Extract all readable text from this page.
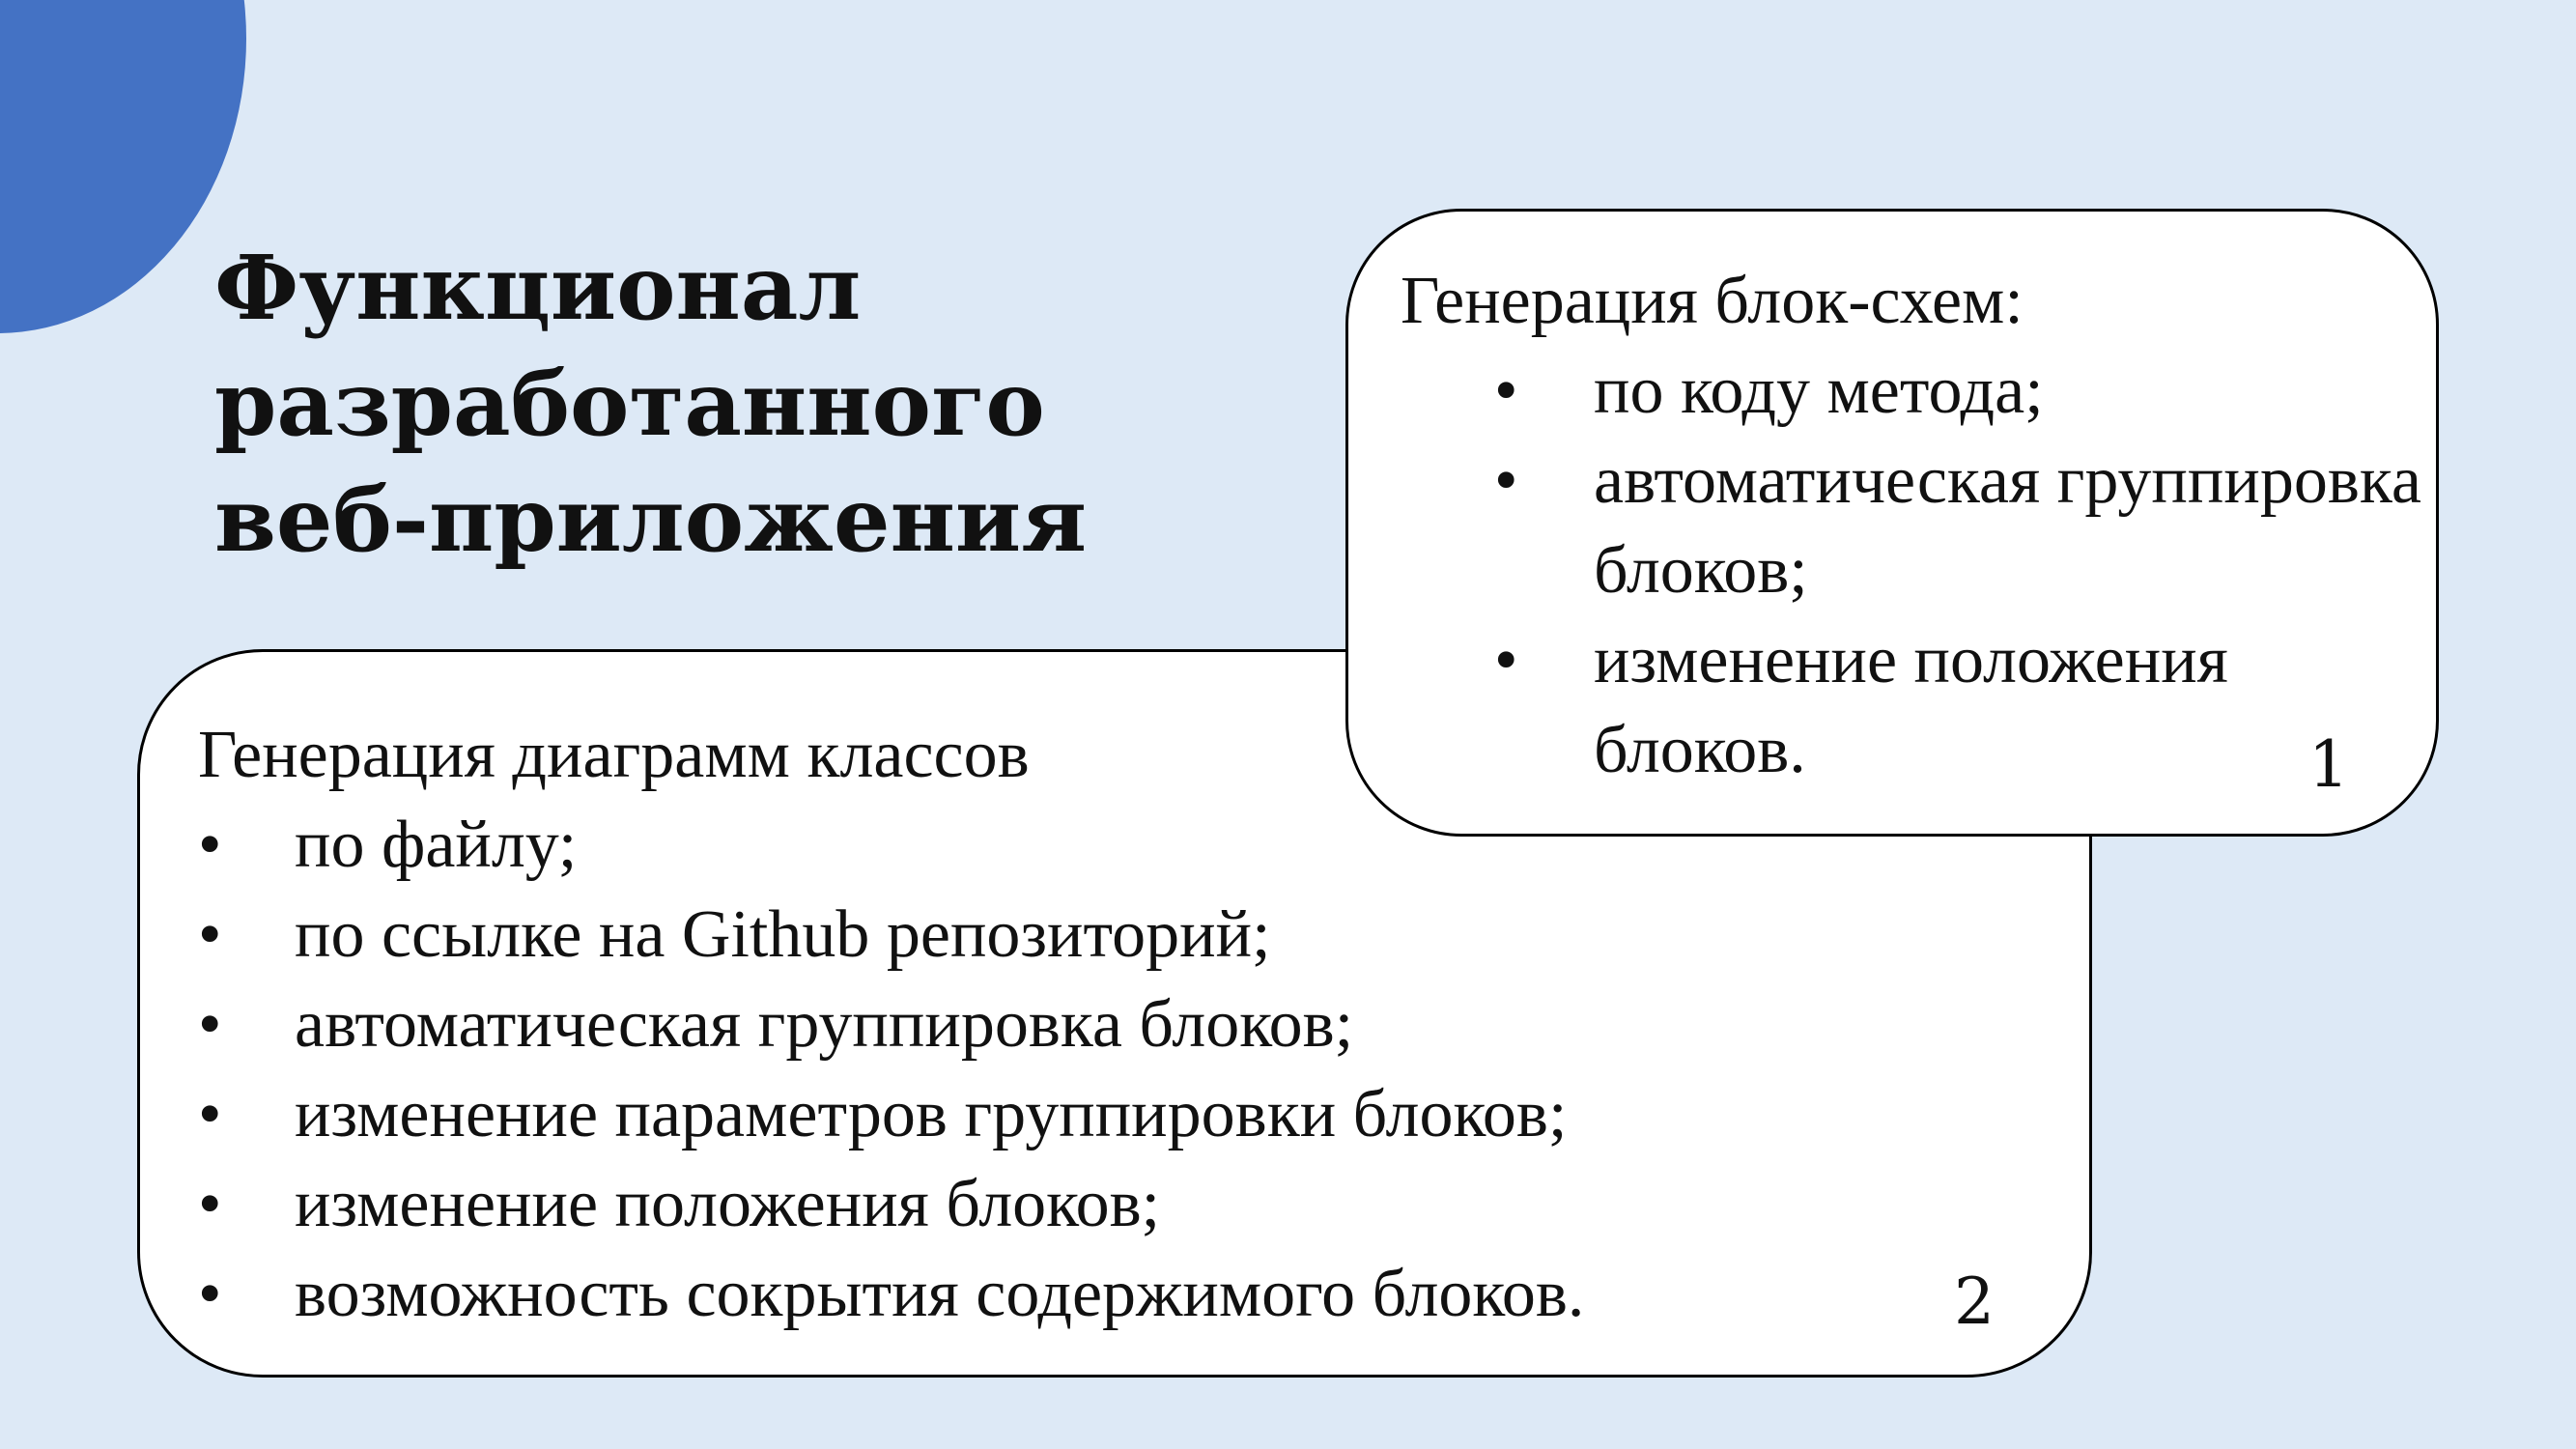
Функционал
разработанного
веб-приложения

Генерация диаграмм классов

• по файлу;
• по ссылке на Github репозиторий;
• автоматическая группировка блоков;
• изменение параметров группировки блоков;
• изменение положения блоков;
• возможность сокрытия содержимого блоков.	2

Генерация блок-схем:

• по коду метода;
• автоматическая группировка блоков;
• изменение положения блоков.	1
